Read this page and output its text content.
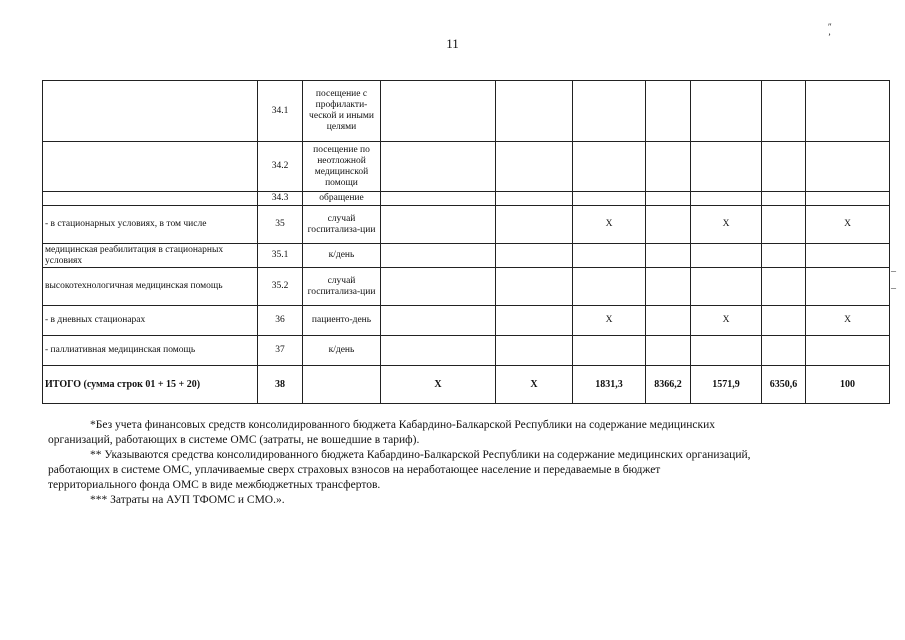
11
″ ’
–
–
	34.1	посещение с профилакти-ческой и иными целями							
	34.2	посещение по неотложной медицинской помощи							
	34.3	обращение							
- в стационарных условиях, в том числе	35	случай госпитализа-ции			X		X		X
медицинская реабилитация в стационарных условиях	35.1	к/день							
высокотехнологичная медицинская помощь	35.2	случай госпитализа-ции							
- в дневных стационарах	36	пациенто-день			X		X		X
- паллиативная медицинская помощь	37	к/день							
ИТОГО (сумма строк 01 + 15 + 20)	38		X	X	1831,3	8366,2	1571,9	6350,6	100

*Без учета финансовых средств консолидированного бюджета Кабардино-Балкарской Республики на содержание медицинских

организаций, работающих в системе ОМС (затраты, не вошедшие в тариф).

** Указываются средства консолидированного бюджета Кабардино-Балкарской Республики на содержание медицинских организаций,

работающих в системе ОМС, уплачиваемые сверх страховых взносов на неработающее население и передаваемые в бюджет

территориального фонда ОМС в виде межбюджетных трансфертов.

*** Затраты на АУП ТФОМС и СМО.».
